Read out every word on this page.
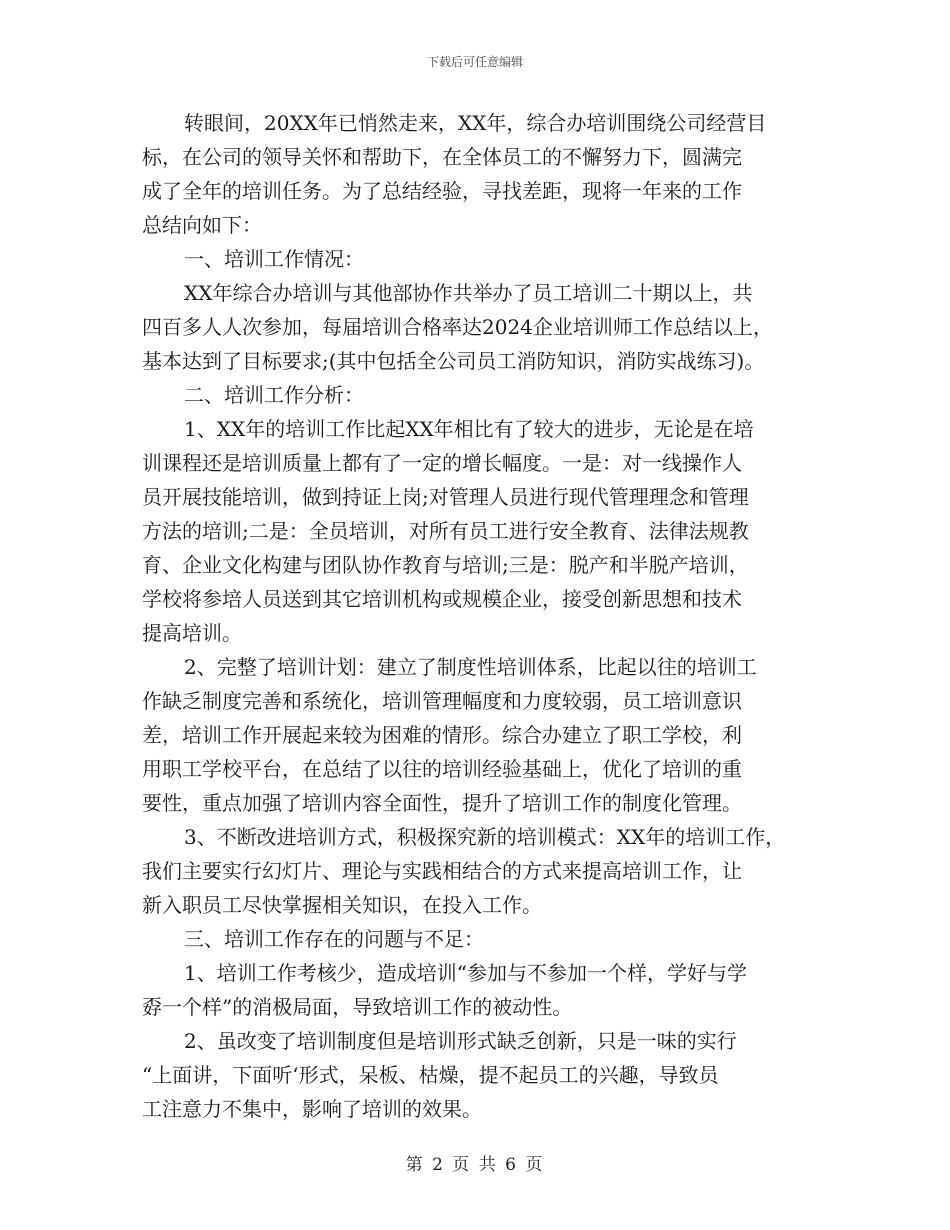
下载后可任意编辑
转眼间，20XX年已悄然走来，XX年，综合办培训围绕公司经营目
标，在公司的领导关怀和帮助下，在全体员工的不懈努力下，圆满完
成了全年的培训任务。为了总结经验，寻找差距，现将一年来的工作
总结向如下：
一、培训工作情况：
XX年综合办培训与其他部协作共举办了员工培训二十期以上，共
四百多人人次参加，每届培训合格率达2024企业培训师工作总结以上，
基本达到了目标要求;(其中包括全公司员工消防知识，消防实战练习)。
二、培训工作分析：
1、XX年的培训工作比起XX年相比有了较大的进步，无论是在培
训课程还是培训质量上都有了一定的增长幅度。一是：对一线操作人
员开展技能培训，做到持证上岗;对管理人员进行现代管理理念和管理
方法的培训;二是：全员培训，对所有员工进行安全教育、法律法规教
育、企业文化构建与团队协作教育与培训;三是：脱产和半脱产培训，
学校将参培人员送到其它培训机构或规模企业，接受创新思想和技术
提高培训。
2、完整了培训计划：建立了制度性培训体系，比起以往的培训工
作缺乏制度完善和系统化，培训管理幅度和力度较弱，员工培训意识
差，培训工作开展起来较为困难的情形。综合办建立了职工学校，利
用职工学校平台，在总结了以往的培训经验基础上，优化了培训的重
要性，重点加强了培训内容全面性，提升了培训工作的制度化管理。
3、不断改进培训方式，积极探究新的培训模式：XX年的培训工作，
我们主要实行幻灯片、理论与实践相结合的方式来提高培训工作，让
新入职员工尽快掌握相关知识，在投入工作。
三、培训工作存在的问题与不足：
1、培训工作考核少，造成培训“参加与不参加一个样，学好与学
孬一个样”的消极局面，导致培训工作的被动性。
2、虽改变了培训制度但是培训形式缺乏创新，只是一味的实行
“上面讲，下面听‘形式，呆板、枯燥，提不起员工的兴趣，导致员
工注意力不集中，影响了培训的效果。
第 2 页 共 6 页
